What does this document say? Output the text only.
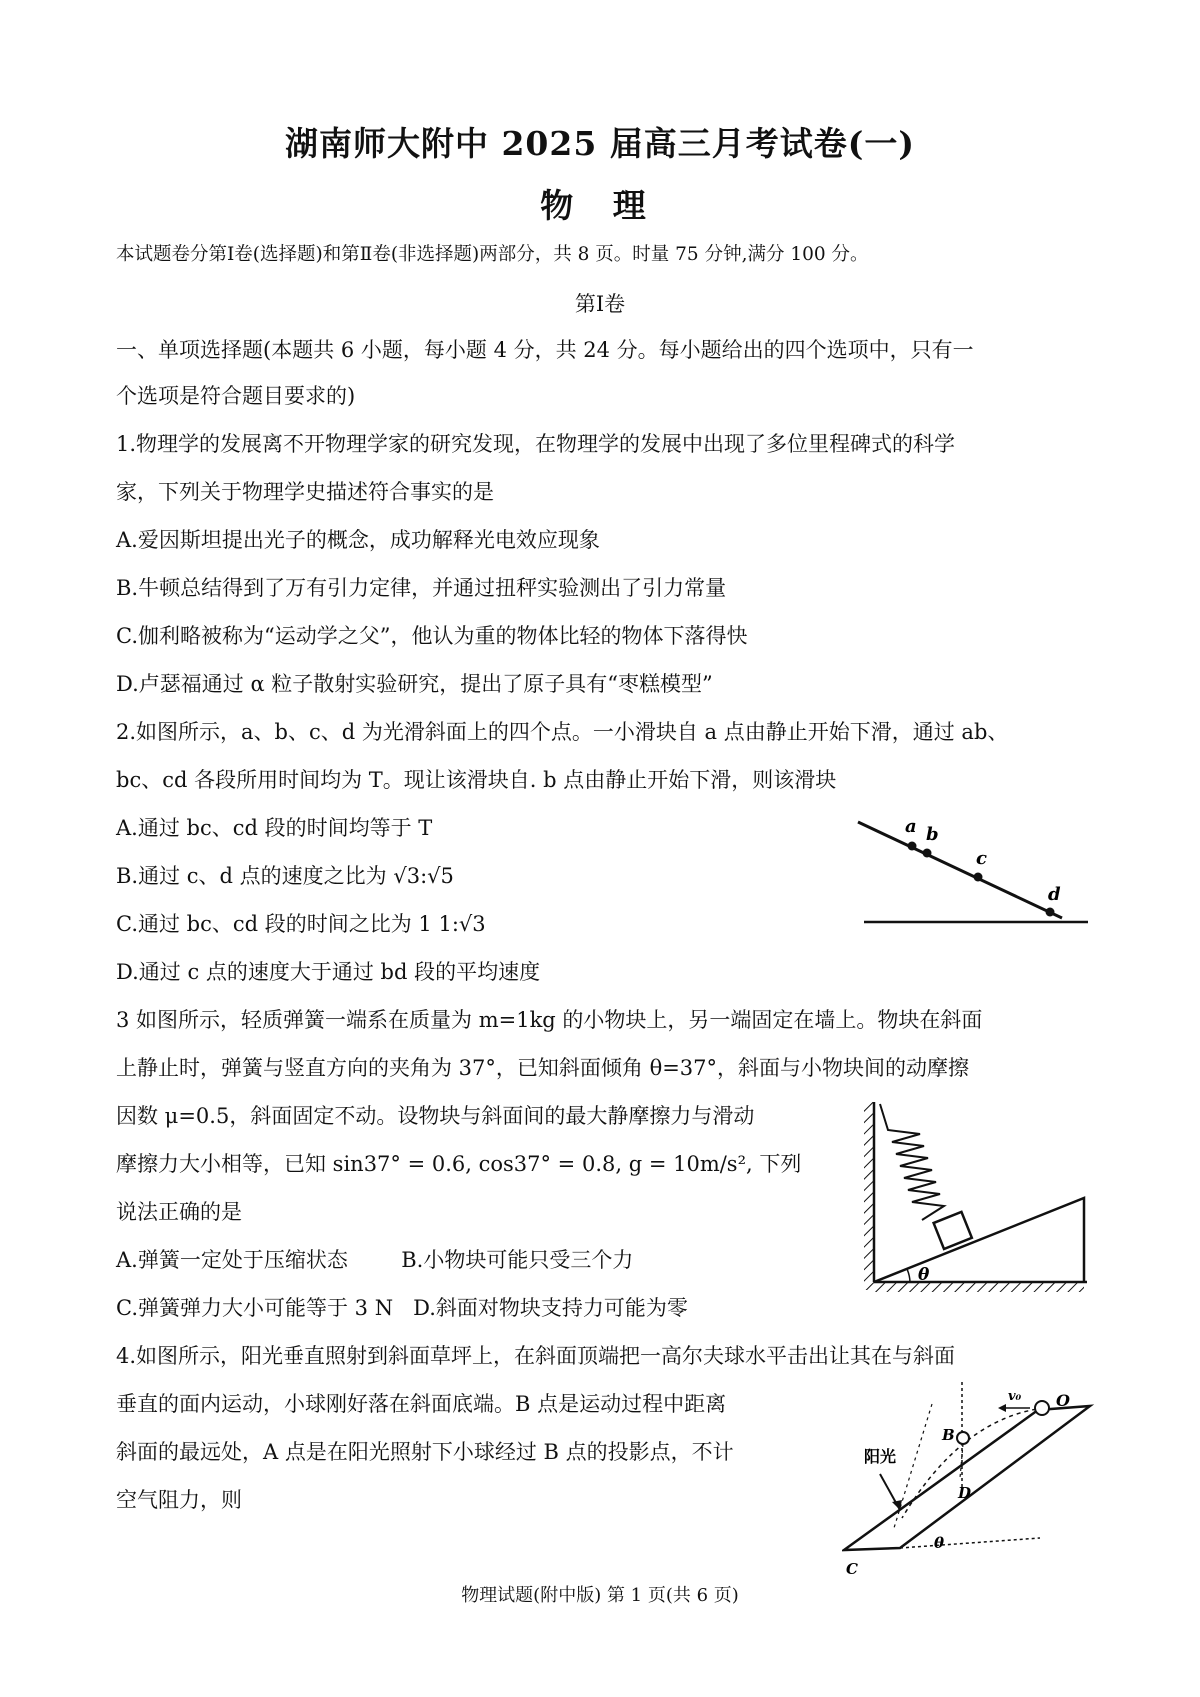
湖南师大附中 2025 届高三月考试卷(一)
物 理
本试题卷分第Ⅰ卷(选择题)和第Ⅱ卷(非选择题)两部分，共 8 页。时量 75 分钟,满分 100 分。
第Ⅰ卷
一、单项选择题(本题共 6 小题，每小题 4 分，共 24 分。每小题给出的四个选项中，只有一
个选项是符合题目要求的)
1.物理学的发展离不开物理学家的研究发现，在物理学的发展中出现了多位里程碑式的科学
家，下列关于物理学史描述符合事实的是
A.爱因斯坦提出光子的概念，成功解释光电效应现象
B.牛顿总结得到了万有引力定律，并通过扭秤实验测出了引力常量
C.伽利略被称为“运动学之父”，他认为重的物体比轻的物体下落得快
D.卢瑟福通过 α 粒子散射实验研究，提出了原子具有“枣糕模型”
2.如图所示，a、b、c、d 为光滑斜面上的四个点。一小滑块自 a 点由静止开始下滑，通过 ab、
bc、cd 各段所用时间均为 T。现让该滑块自. b 点由静止开始下滑，则该滑块
A.通过 bc、cd 段的时间均等于 T
B.通过 c、d 点的速度之比为 √3:√5
C.通过 bc、cd 段的时间之比为 1 1:√3
D.通过 c 点的速度大于通过 bd 段的平均速度
a b
c
d
3 如图所示，轻质弹簧一端系在质量为 m=1kg 的小物块上，另一端固定在墙上。物块在斜面
上静止时，弹簧与竖直方向的夹角为 37°，已知斜面倾角 θ=37°，斜面与小物块间的动摩擦
因数 μ=0.5，斜面固定不动。设物块与斜面间的最大静摩擦力与滑动
摩擦力大小相等，已知 sin37° = 0.6, cos37° = 0.8, g = 10m/s², 下列
说法正确的是
A.弹簧一定处于压缩状态        B.小物块可能只受三个力
C.弹簧弹力大小可能等于 3 N   D.斜面对物块支持力可能为零
θ
4.如图所示，阳光垂直照射到斜面草坪上，在斜面顶端把一高尔夫球水平击出让其在与斜面
垂直的面内运动，小球刚好落在斜面底端。B 点是运动过程中距离
斜面的最远处，A 点是在阳光照射下小球经过 B 点的投影点，不计
空气阻力，则
v₀ O
B
D
C
θ
阳光
物理试题(附中版) 第 1 页(共 6 页)
